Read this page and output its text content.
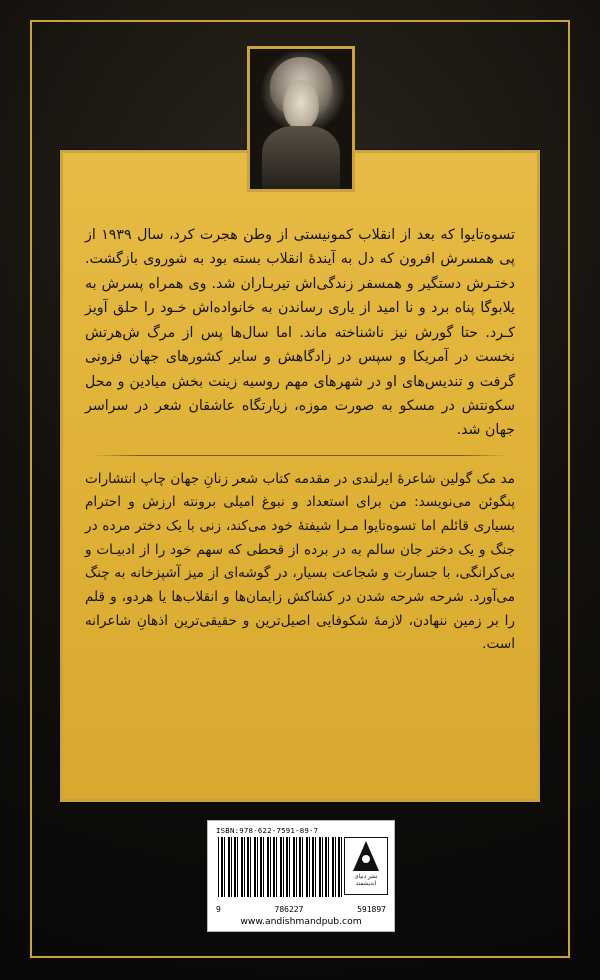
تسوه‌تایوا که بعد از انقلاب کمونیستی از وطن هجرت کرد، سال ۱۹۳۹ از پی همسرش افرون که دل به آیندهٔ انقلاب بسته بود به شوروی بازگشت. دختـرش دستگیر و همسفر زندگی‌اش تیربـاران شد. وی همراه پسرش به یلابوگا پناه برد و نا امید از یاری رساندن به خانواده‌اش خـود را حلق آویز کـرد. حتا گورش نیز ناشناخته ماند. اما سال‌ها پس از مرگ ش‌هرتش نخست در آمریکا و سپس در زادگاهش و سایر کشورهای جهان فزونی گرفت و تندیس‌های او در شهرهای مهم روسیه زینت بخش میادین و محل سکونتش در مسکو به صورت موزه، زیارتگاه عاشقان شعر در سراسر جهان شد.

مد مک گولین شاعرهٔ ایرلندی در مقدمه کتاب شعر زنانِ جهان چاپ انتشارات پنگوئن می‌نویسد: من برای استعداد و نبوغ امیلی برونته ارزش و احترام بسیاری قائلم اما تسوه‌تایوا مـرا شیفتهٔ خود می‌کند، زنی با یک دختر مرده در جنگ و یک دختر جان سالم به در برده از قحطی که سهم خود را از ادبیـات و بی‌کرانگی، با جسارت و شجاعت بسیار، در گوشه‌ای از میز آشپزخانه به چنگ می‌آورد. شرحه شرحه شدن در کشاکش زایمان‌ها و انقلاب‌ها یا هردو، و قلم را بر زمین ننهادن، لازمهٔ شکوفایی اصیل‌ترین و حقیقی‌ترین اذهانِ شاعرانه است.

ISBN:978-622-7591-89-7
نشر دنیای اندیشمند
9	786227	591897
www.andishmandpub.com
